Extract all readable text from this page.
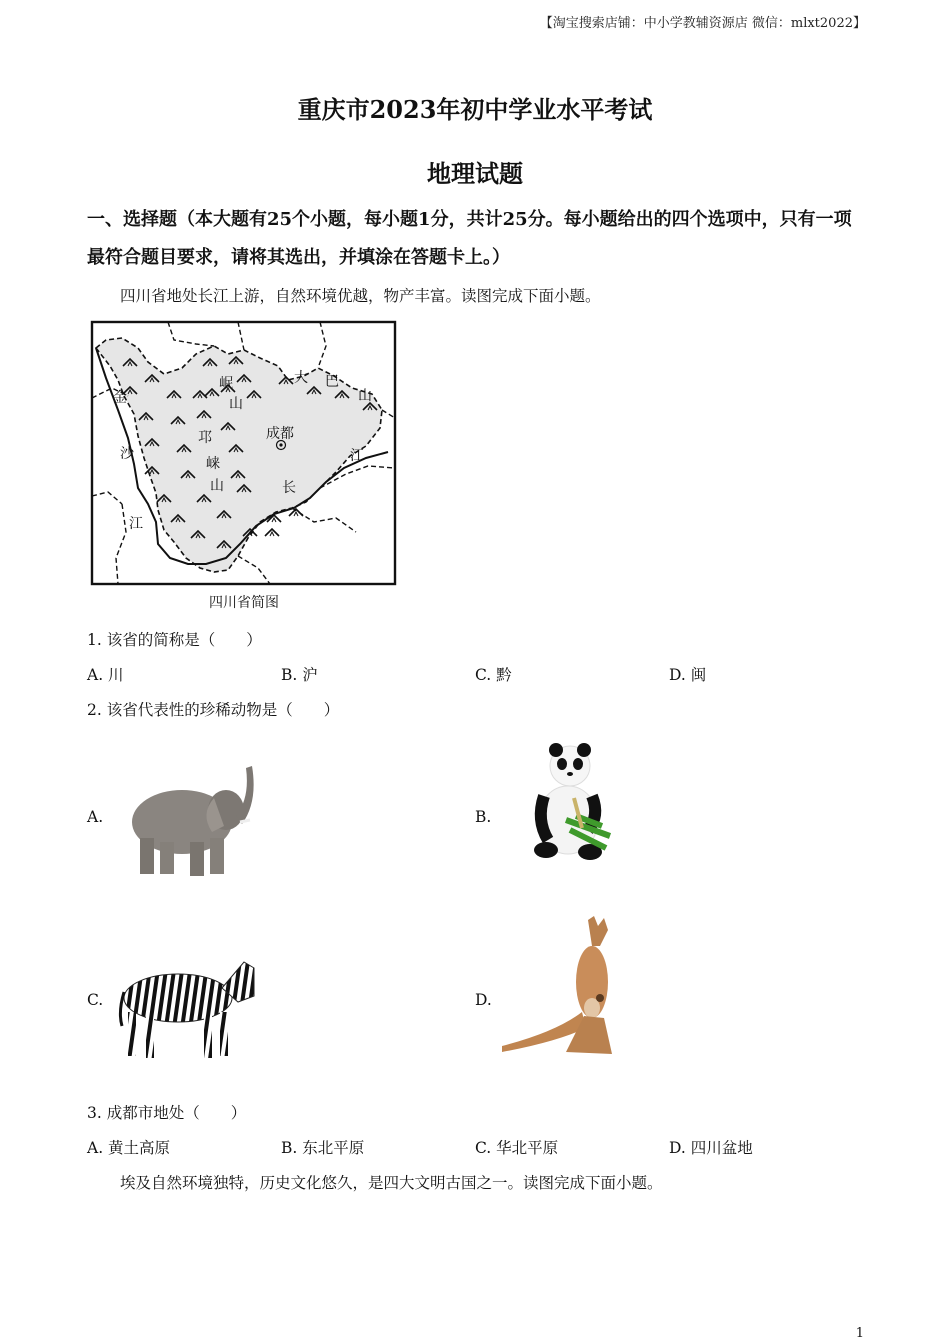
【淘宝搜索店铺：中小学教辅资源店 微信：mlxt2022】
重庆市2023年初中学业水平考试
地理试题
一、选择题（本大题有25个小题，每小题1分，共计25分。每小题给出的四个选项中，只有一项最符合题目要求，请将其选出，并填涂在答题卡上。）
四川省地处长江上游，自然环境优越，物产丰富。读图完成下面小题。
岷
山
大 巴
山
金
沙
江
邛
崃
山
成都
江
长
四川省简图
1. 该省的简称是（　　）
A. 川	B. 沪	C. 黔	D. 闽
2. 该省代表性的珍稀动物是（　　）
A.	B.
C.	D.
3. 成都市地处（　　）
A. 黄土高原	B. 东北平原	C. 华北平原	D. 四川盆地
埃及自然环境独特，历史文化悠久，是四大文明古国之一。读图完成下面小题。
1
